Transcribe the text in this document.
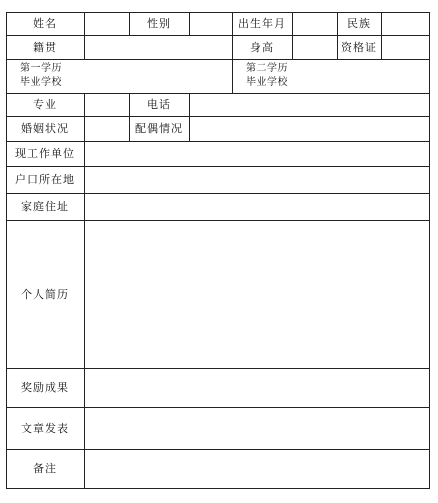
姓名	性别	出生年月	民族
籍贯	身高	资格证
第一学历
毕业学校
第二学历
毕业学校
专业	电话
婚姻状况	配偶情况
现工作单位
户口所在地
家庭住址
个人简历
奖励成果
文章发表
备注
